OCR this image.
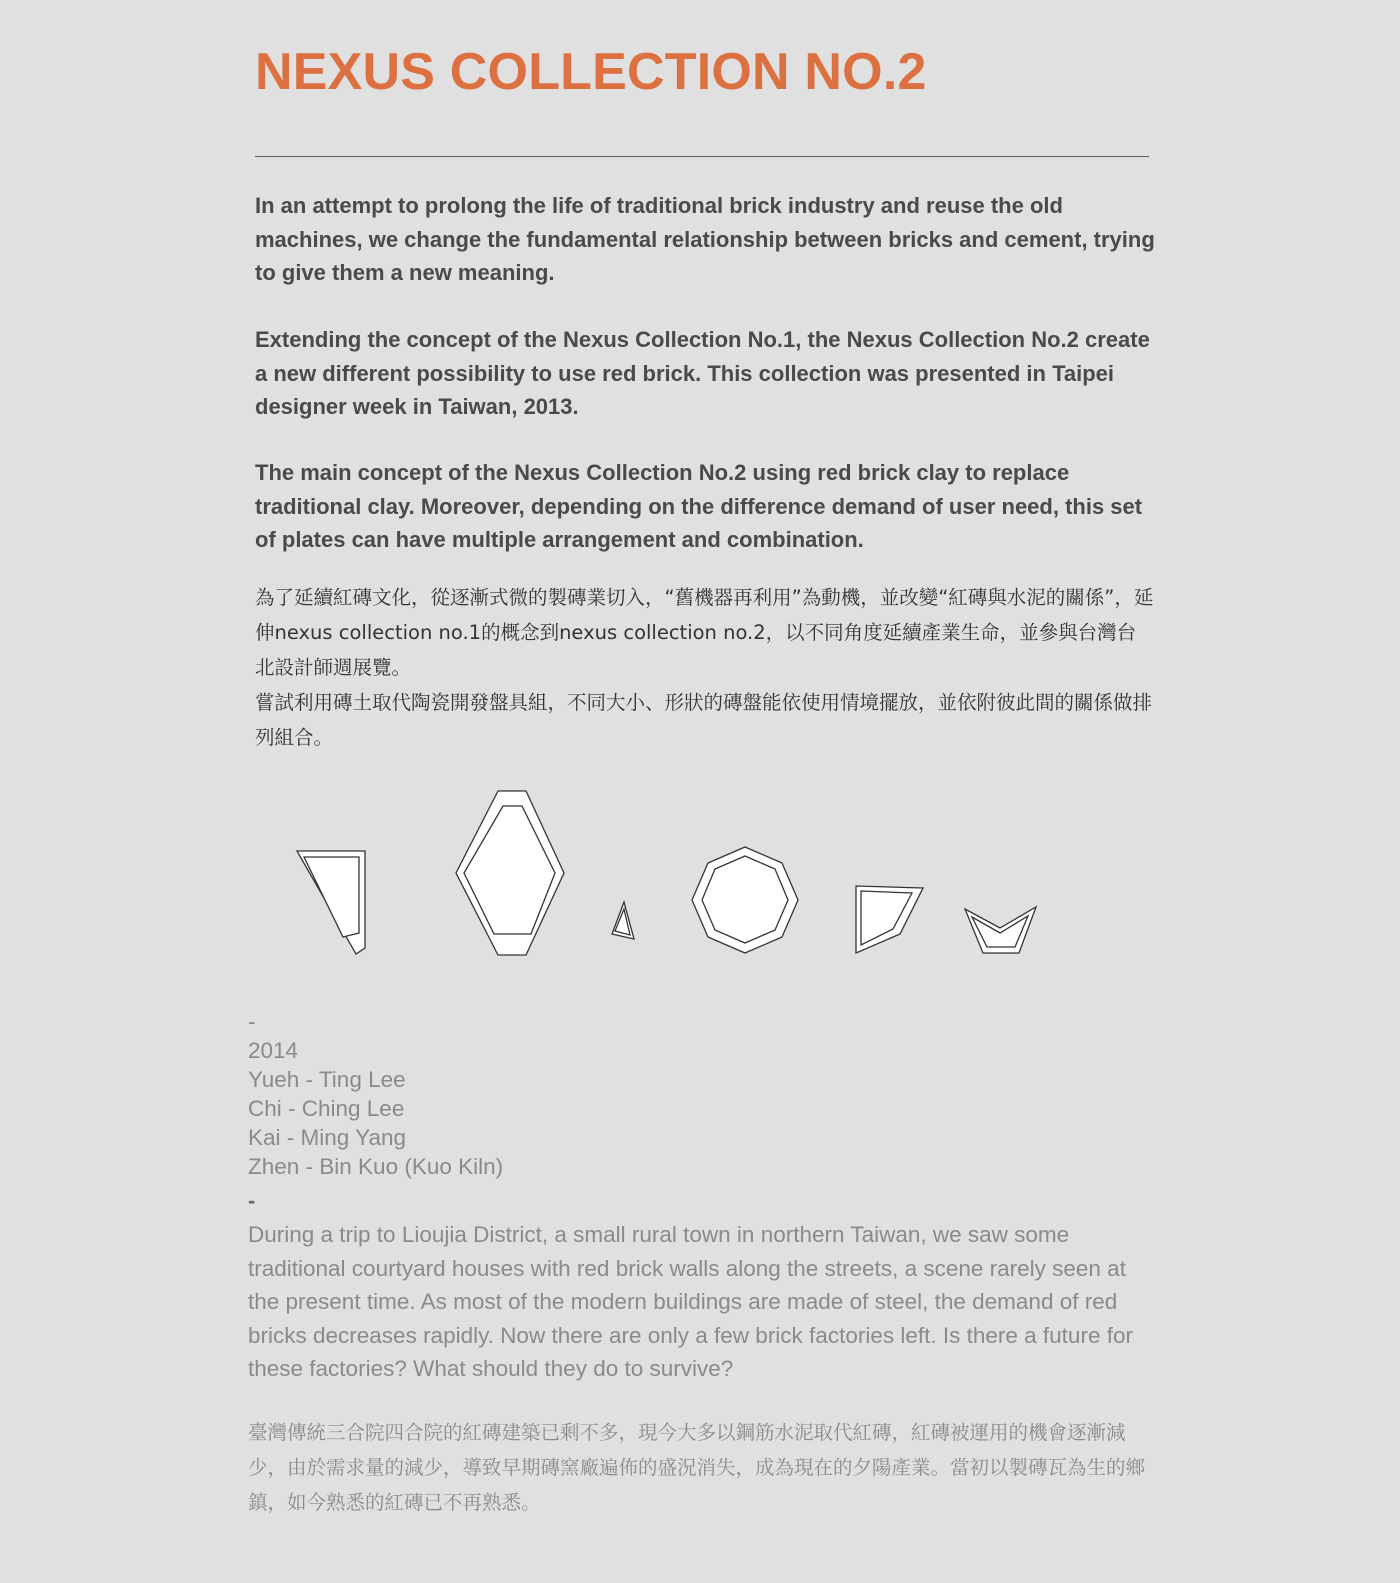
NEXUS COLLECTION NO.2

In an attempt to prolong the life of traditional brick industry and reuse the old machines, we change the fundamental relationship between bricks and cement, trying to give them a new meaning.

Extending the concept of the Nexus Collection No.1, the Nexus Collection No.2 create a new different possibility to use red brick. This collection was presented in Taipei designer week in Taiwan, 2013.

The main concept of the Nexus Collection No.2 using red brick clay to replace traditional clay. Moreover, depending on the difference demand of user need, this set of plates can have multiple arrangement and combination.

為了延續紅磚文化，從逐漸式微的製磚業切入，“舊機器再利用”為動機，並改變“紅磚與水泥的關係”，延伸nexus collection no.1的概念到nexus collection no.2，以不同角度延續產業生命，並參與台灣台北設計師週展覽。

嘗試利用磚土取代陶瓷開發盤具組，不同大小、形狀的磚盤能依使用情境擺放，並依附彼此間的關係做排列組合。

-
2014
Yueh - Ting Lee
Chi - Ching Lee
Kai - Ming Yang
Zhen - Bin Kuo (Kuo Kiln)
-

During a trip to Lioujia District, a small rural town in northern Taiwan, we saw some traditional courtyard houses with red brick walls along the streets, a scene rarely seen at the present time. As most of the modern buildings are made of steel, the demand of red bricks decreases rapidly. Now there are only a few brick factories left. Is there a future for these factories? What should they do to survive?

臺灣傳統三合院四合院的紅磚建築已剩不多，現今大多以鋼筋水泥取代紅磚，紅磚被運用的機會逐漸減少，由於需求量的減少，導致早期磚窯廠遍佈的盛況消失，成為現在的夕陽產業。當初以製磚瓦為生的鄉鎮，如今熟悉的紅磚已不再熟悉。
